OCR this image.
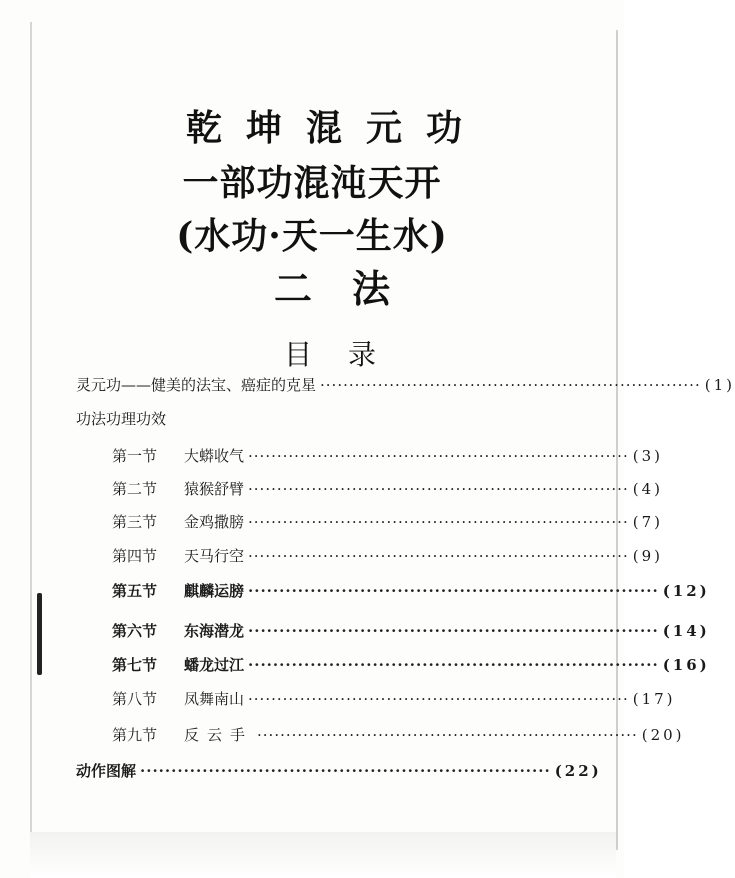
乾坤混元功
一部功混沌天开
(水功·天一生水)
二法
目录
灵元功——健美的法宝、癌症的克星 ·································································· (1)
功法功理功效
第一节	大蟒收气 ·································································· (3)
第二节	猿猴舒臂 ·································································· (4)
第三节	金鸡撒膀 ·································································· (7)
第四节	天马行空 ·································································· (9)
第五节	麒麟运膀 ·································································· (12)
第六节	东海潜龙 ·································································· (14)
第七节	蟠龙过江 ·································································· (16)
第八节	凤舞南山 ·································································· (17)
第九节	反云手 ·································································· (20)
动作图解 ·································································· (22)
